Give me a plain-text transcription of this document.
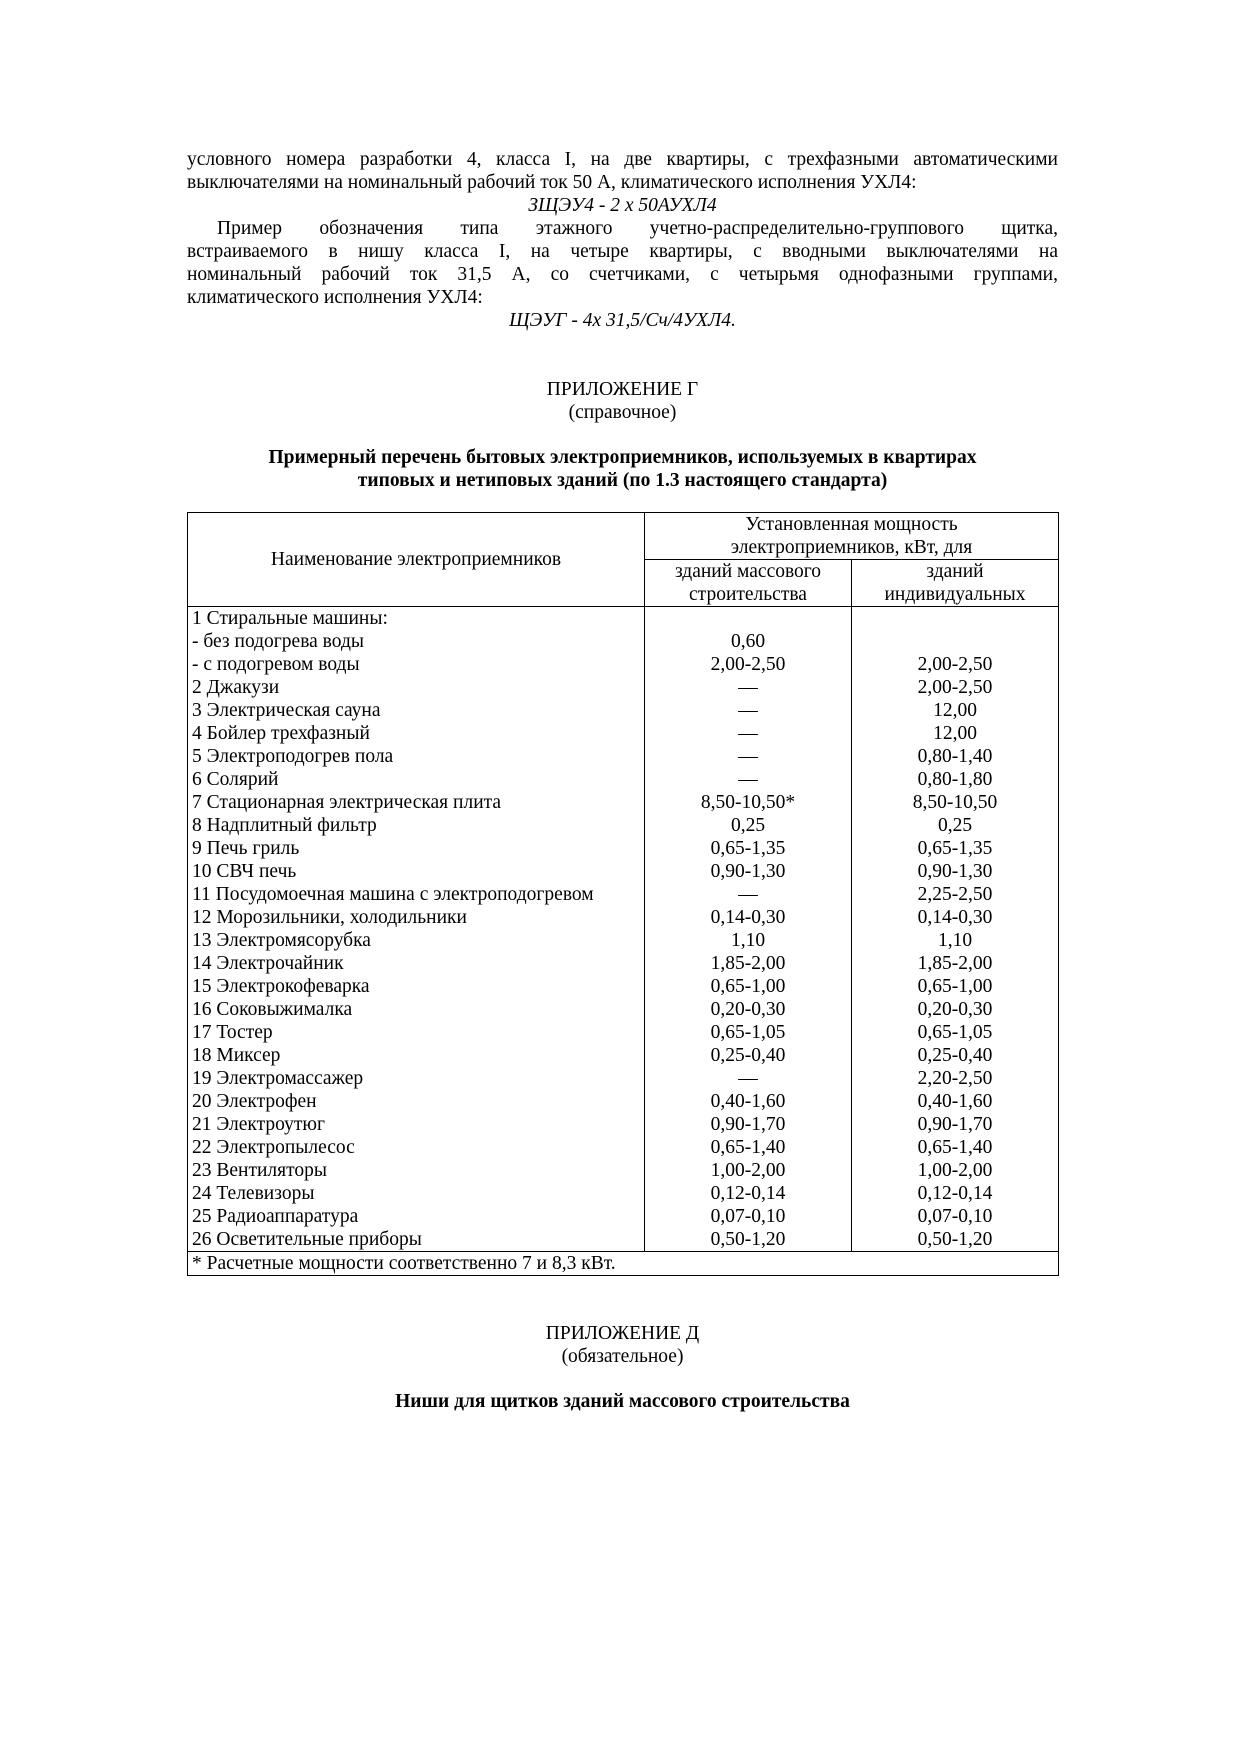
условного номера разработки 4, класса I, на две квартиры, с трехфазными автоматическими

выключателями на номинальный рабочий ток 50 А, климатического исполнения УХЛ4:

ЗЩЭУ4 - 2 x 50АУХЛ4

Пример обозначения типа этажного учетно-распределительно-группового щитка,

встраиваемого в нишу класса I, на четыре квартиры, с вводными выключателями на

номинальный рабочий ток 31,5 А, со счетчиками, с четырьмя однофазными группами,

климатического исполнения УХЛ4:

ЩЭУГ - 4x 31,5/Сч/4УХЛ4.

ПРИЛОЖЕНИЕ Г

(справочное)

Примерный перечень бытовых электроприемников, используемых в квартирах

типовых и нетиповых зданий (по 1.3 настоящего стандарта)

Наименование электроприемников	Установленная мощность
электроприемников, кВт, для	
	зданий массового
строительства	зданий
индивидуальных
1 Стиральные машины:		
- без подогрева воды	0,60	
- с подогревом воды	2,00-2,50	2,00-2,50
2 Джакузи	—	2,00-2,50
3 Электрическая сауна	—	12,00
4 Бойлер трехфазный	—	12,00
5 Электроподогрев пола	—	0,80-1,40
6 Солярий	—	0,80-1,80
7 Стационарная электрическая плита	8,50-10,50*	8,50-10,50
8 Надплитный фильтр	0,25	0,25
9 Печь гриль	0,65-1,35	0,65-1,35
10 СВЧ печь	0,90-1,30	0,90-1,30
11 Посудомоечная машина с электроподогревом	—	2,25-2,50
12 Морозильники, холодильники	0,14-0,30	0,14-0,30
13 Электромясорубка	1,10	1,10
14 Электрочайник	1,85-2,00	1,85-2,00
15 Электрокофеварка	0,65-1,00	0,65-1,00
16 Соковыжималка	0,20-0,30	0,20-0,30
17 Тостер	0,65-1,05	0,65-1,05
18 Миксер	0,25-0,40	0,25-0,40
19 Электромассажер	—	2,20-2,50
20 Электрофен	0,40-1,60	0,40-1,60
21 Электроутюг	0,90-1,70	0,90-1,70
22 Электропылесос	0,65-1,40	0,65-1,40
23 Вентиляторы	1,00-2,00	1,00-2,00
24 Телевизоры	0,12-0,14	0,12-0,14
25 Радиоаппаратура	0,07-0,10	0,07-0,10
26 Осветительные приборы	0,50-1,20	0,50-1,20
* Расчетные мощности соответственно 7 и 8,3 кВт.		

ПРИЛОЖЕНИЕ Д

(обязательное)

Ниши для щитков зданий массового строительства
